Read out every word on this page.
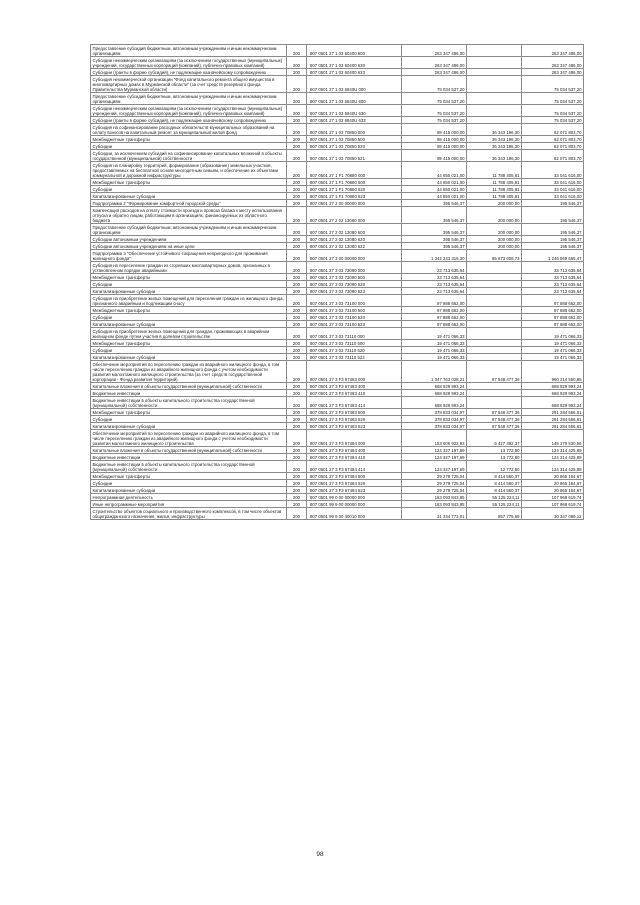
Предоставление субсидий бюджетным, автономным учреждениям и иным некоммерческим организациям	200	807 0501 27 1 03 60400 600	263 347 486,00		263 347 486,00
Субсидии некоммерческим организациям (за исключением государственных (муниципальных) учреждений, государственных корпораций (компаний), публично-правовых компаний)	200	807 0501 27 1 03 60400 630	263 347 486,00		263 347 486,00
Субсидии (гранты в форме субсидий), не подлежащие казначейскому сопровождению	200	807 0501 27 1 03 60400 633	263 347 486,00		263 347 486,00
Субсидия некоммерческой организации "Фонд капитального ремонта общего имущества в многоквартирных домах в Мурманской области" (за счет средств резервного фонда Правительства Мурманской области)	200	807 0501 27 1 03 6840U 000	75 034 537,20		75 034 537,20
Предоставление субсидий бюджетным, автономным учреждениям и иным некоммерческим организациям	200	807 0501 27 1 03 6840U 600	75 034 537,20		75 034 537,20
Субсидии некоммерческим организациям (за исключением государственных (муниципальных) учреждений, государственных корпораций (компаний), публично-правовых компаний)	200	807 0501 27 1 03 6840U 630	75 034 537,20		75 034 537,20
Субсидии (гранты в форме субсидий), не подлежащие казначейскому сопровождению	200	807 0501 27 1 03 6840U 633	75 034 537,20		75 034 537,20
Субсидия на софинансирование расходных обязательств муниципальных образований на оплату взносов на капитальный ремонт за муниципальный жилой фонд	200	807 0501 27 1 03 70850 000	98 415 000,00	36 343 196,30	62 071 803,70
Межбюджетные трансферты	200	807 0501 27 1 03 70850 500	98 415 000,00	36 343 196,30	62 071 803,70
Субсидии	200	807 0501 27 1 03 70850 520	98 415 000,00	36 343 196,30	62 071 803,70
Субсидии, за исключением субсидий на софинансирование капитальных вложений в объекты государственной (муниципальной) собственности	200	807 0501 27 1 03 70850 521	98 415 000,00	36 343 196,30	62 071 803,70
Субсидия на планировку территорий, формирование (образование) земельных участков, предоставляемых на бесплатной основе многодетным семьям, и обеспечение их объектами коммунальной и дорожной инфраструктуры	200	807 0501 27 1 F1 70880 000	44 650 021,00	11 788 405,81	33 041 616,00
Межбюджетные трансферты	200	807 0501 27 1 F1 70880 500	44 650 021,00	11 788 405,81	33 041 616,00
Субсидии	200	807 0501 27 1 F1 70880 520	44 650 021,00	11 788 405,81	33 041 616,00
Капитализированные субсидии	200	807 0501 27 1 F1 70880 523	44 650 021,00	11 788 405,81	33 041 616,00
Подпрограмма 2 "Формирование комфортной городской среды"	200	807 0501 27 2 00 00000 000	395 546,37	200 000,00	195 546,37
Компенсация расходов на оплату стоимости проезда и провоза багажа к месту использования отпуска и обратно лицам, работающим в организациях, финансируемых из областного бюджета	200	807 0501 27 2 02 13080 000	395 546,37	200 000,00	195 546,37
Предоставление субсидий бюджетным, автономным учреждениям и иным некоммерческим организациям	200	807 0501 27 2 02 13080 600	395 546,37	200 000,00	195 546,37
Субсидии автономным учреждениям	200	807 0501 27 2 02 13080 620	395 546,37	200 000,00	195 546,37
Субсидии автономным учреждениям на иные цели	200	807 0501 27 2 02 13080 622	395 546,37	200 000,00	195 546,37
Подпрограмма 3 "Обеспечение устойчивого сокращения непригодного для проживания жилищного фонда"	200	807 0501 27 3 00 00000 000	1 342 243 315,30	95 673 608,73	1 246 569 665,47
Субсидия на переселение граждан из сгоревших многоквартирных домов, признанных в установленном порядке аварийными	200	807 0501 27 3 03 73090 000	23 713 635,64		23 713 635,64
Межбюджетные трансферты	200	807 0501 27 3 03 73090 500	23 713 635,64		23 713 635,64
Субсидии	200	807 0501 27 3 03 73090 520	23 713 635,64		23 713 635,64
Капитализированные субсидии	200	807 0501 27 3 03 73090 523	23 713 635,64		23 713 635,64
Субсидия на приобретение жилых помещений для переселения граждан из жилищного фонда, признанного аварийным и подлежащим сносу	200	807 0501 27 3 03 73100 000	97 888 662,00		97 888 662,00
Межбюджетные трансферты	200	807 0501 27 3 03 73100 500	97 888 662,00		97 888 662,00
Субсидии	200	807 0501 27 3 03 73100 520	97 888 662,00		97 888 662,00
Капитализированные субсидии	200	807 0501 27 3 03 73100 523	97 888 662,00		97 888 662,00
Субсидия на приобретение жилых помещений для граждан, проживающих в аварийном жилищном фонде путем участия в долевом строительстве	200	807 0501 27 3 03 73110 000	19 471 066,33		19 471 066,33
Межбюджетные трансферты	200	807 0501 27 3 03 73110 500	19 471 066,33		19 471 066,33
Субсидии	200	807 0501 27 3 03 73110 520	19 471 066,33		19 471 066,33
Капитализированные субсидии	200	807 0501 27 3 03 73110 523	19 471 066,33		19 471 066,33
Обеспечение мероприятий по переселению граждан из аварийного жилищного фонда, в том числе переселению граждан из аварийного жилищного фонда с учетом необходимости развития малоэтажного жилищного строительства (за счет средств государственной корпорации - Фонда развития территорий)	200	807 0501 27 3 F3 67483 000	1 047 763 028,21	87 548 477,36	960 214 550,85
Капитальные вложения в объекты государственной (муниципальной) собственности	200	807 0501 27 3 F3 67483 400	668 929 993,24		668 929 993,24
Бюджетные инвестиции	200	807 0501 27 3 F3 67483 410	668 929 993,24		668 929 993,24
Бюджетные инвестиции в объекты капитального строительства государственной (муниципальной) собственности	200	807 0501 27 3 F3 67483 414	668 929 993,24		668 929 993,24
Межбюджетные трансферты	200	807 0501 27 3 F3 67483 500	378 833 034,97	87 548 477,36	291 284 556,61
Субсидии	200	807 0501 27 3 F3 67483 520	378 833 034,97	87 548 477,36	291 284 556,61
Капитализированные субсидии	200	807 0501 27 3 F3 67483 523	378 833 034,97	87 548 477,36	291 284 556,61
Обеспечение мероприятий по переселению граждан из аварийного жилищного фонда, в том числе переселению граждан из аварийного жилищного фонда с учетом необходимости развития малоэтажного жилищного строительства	200	807 0501 27 3 F3 67484 000	153 606 922,93	6 427 392,37	145 179 530,56
Капитальные вложения в объекты государственной (муниципальной) собственности	200	807 0501 27 3 F3 67484 400	124 327 197,69	13 772,80	124 314 425,89
Бюджетные инвестиции	200	807 0501 27 3 F3 67484 410	124 327 197,69	13 772,80	124 314 425,89
Бюджетные инвестиции в объекты капитального строительства государственной (муниципальной) собственности	200	807 0501 27 3 F3 67484 414	124 327 197,69	12 772,80	124 314 425,89
Межбюджетные трансферты	200	807 0501 27 3 F3 67484 500	29 279 725,04	8 414 560,37	20 865 164,67
Субсидии	200	807 0501 27 3 F3 67484 520	29 279 725,04	8 414 560,37	20 865 164,67
Капитализированные субсидии	200	807 0501 27 3 F3 67484 523	29 279 725,04	8 414 560,37	20 865 164,67
Непрограммная деятельность	200	807 0501 99 0 00 00000 000	163 093 843,85	55 125 224,11	107 968 619,74
Иные непрограммные мероприятия	200	807 0501 99 9 00 00000 000	163 093 843,85	55 125 224,11	107 968 619,74
Строительство объектов социального и производственного комплексов, в том числе объектов общегражданского назначения, жилья, инфраструктуры	200	807 0501 99 9 00 40010 000	31 334 773,01	857 775,69	30 347 089,12
98
